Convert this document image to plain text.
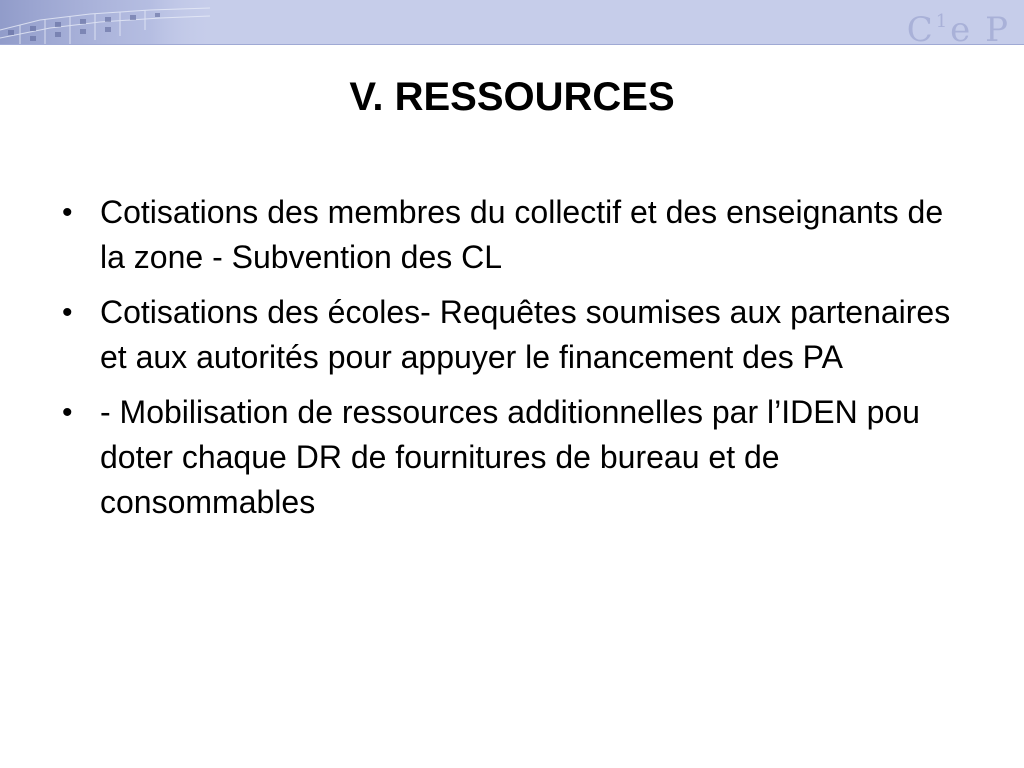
$C^1e$ P
V. RESSOURCES
• Cotisations des membres du collectif et des enseignants de la zone - Subvention des CL
• Cotisations des écoles- Requêtes soumises aux partenaires et aux autorités pour appuyer le financement des PA
• - Mobilisation de ressources additionnelles par l’IDEN pou doter chaque DR de fournitures de bureau et de consommables
